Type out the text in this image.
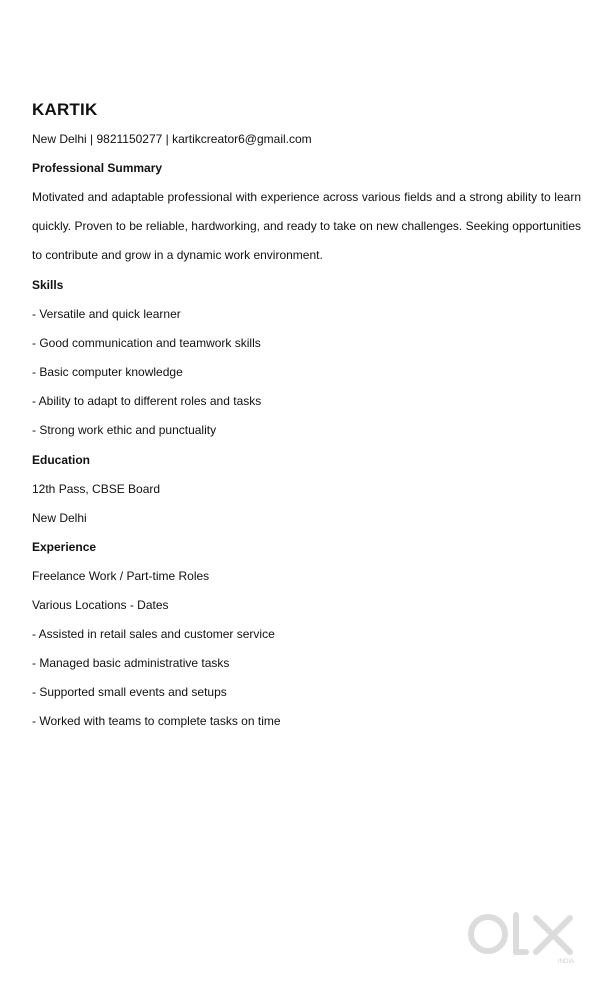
KARTIK
New Delhi | 9821150277 | kartikcreator6@gmail.com
Professional Summary
Motivated and adaptable professional with experience across various fields and a strong ability to learn quickly. Proven to be reliable, hardworking, and ready to take on new challenges. Seeking opportunities to contribute and grow in a dynamic work environment.
Skills
- Versatile and quick learner
- Good communication and teamwork skills
- Basic computer knowledge
- Ability to adapt to different roles and tasks
- Strong work ethic and punctuality
Education
12th Pass, CBSE Board
New Delhi
Experience
Freelance Work / Part-time Roles
Various Locations - Dates
- Assisted in retail sales and customer service
- Managed basic administrative tasks
- Supported small events and setups
- Worked with teams to complete tasks on time
INDIA
